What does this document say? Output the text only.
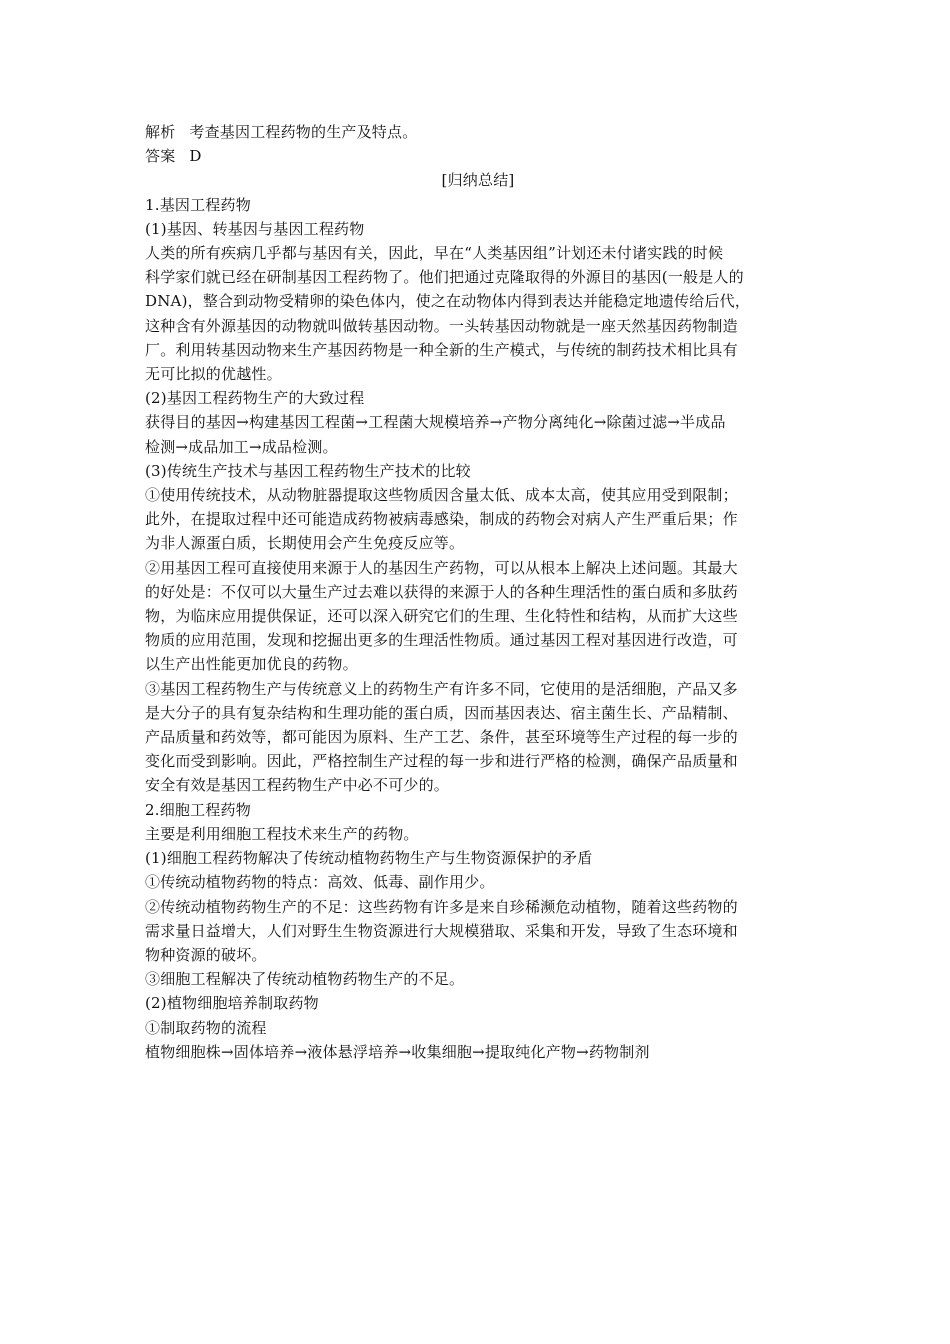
解析 考查基因工程药物的生产及特点。
答案 D
[归纳总结]
1.基因工程药物
(1)基因、转基因与基因工程药物
人类的所有疾病几乎都与基因有关，因此，早在“人类基因组”计划还未付诸实践的时候
科学家们就已经在研制基因工程药物了。他们把通过克隆取得的外源目的基因(一般是人的
DNA)，整合到动物受精卵的染色体内，使之在动物体内得到表达并能稳定地遗传给后代，
这种含有外源基因的动物就叫做转基因动物。一头转基因动物就是一座天然基因药物制造
厂。利用转基因动物来生产基因药物是一种全新的生产模式，与传统的制药技术相比具有
无可比拟的优越性。
(2)基因工程药物生产的大致过程
获得目的基因→构建基因工程菌→工程菌大规模培养→产物分离纯化→除菌过滤→半成品
检测→成品加工→成品检测。
(3)传统生产技术与基因工程药物生产技术的比较
①使用传统技术，从动物脏器提取这些物质因含量太低、成本太高，使其应用受到限制；
此外，在提取过程中还可能造成药物被病毒感染，制成的药物会对病人产生严重后果；作
为非人源蛋白质，长期使用会产生免疫反应等。
②用基因工程可直接使用来源于人的基因生产药物，可以从根本上解决上述问题。其最大
的好处是：不仅可以大量生产过去难以获得的来源于人的各种生理活性的蛋白质和多肽药
物，为临床应用提供保证，还可以深入研究它们的生理、生化特性和结构，从而扩大这些
物质的应用范围，发现和挖掘出更多的生理活性物质。通过基因工程对基因进行改造，可
以生产出性能更加优良的药物。
③基因工程药物生产与传统意义上的药物生产有许多不同，它使用的是活细胞，产品又多
是大分子的具有复杂结构和生理功能的蛋白质，因而基因表达、宿主菌生长、产品精制、
产品质量和药效等，都可能因为原料、生产工艺、条件，甚至环境等生产过程的每一步的
变化而受到影响。因此，严格控制生产过程的每一步和进行严格的检测，确保产品质量和
安全有效是基因工程药物生产中必不可少的。
2.细胞工程药物
主要是利用细胞工程技术来生产的药物。
(1)细胞工程药物解决了传统动植物药物生产与生物资源保护的矛盾
①传统动植物药物的特点：高效、低毒、副作用少。
②传统动植物药物生产的不足：这些药物有许多是来自珍稀濒危动植物，随着这些药物的
需求量日益增大，人们对野生生物资源进行大规模猎取、采集和开发，导致了生态环境和
物种资源的破坏。
③细胞工程解决了传统动植物药物生产的不足。
(2)植物细胞培养制取药物
①制取药物的流程
植物细胞株→固体培养→液体悬浮培养→收集细胞→提取纯化产物→药物制剂
